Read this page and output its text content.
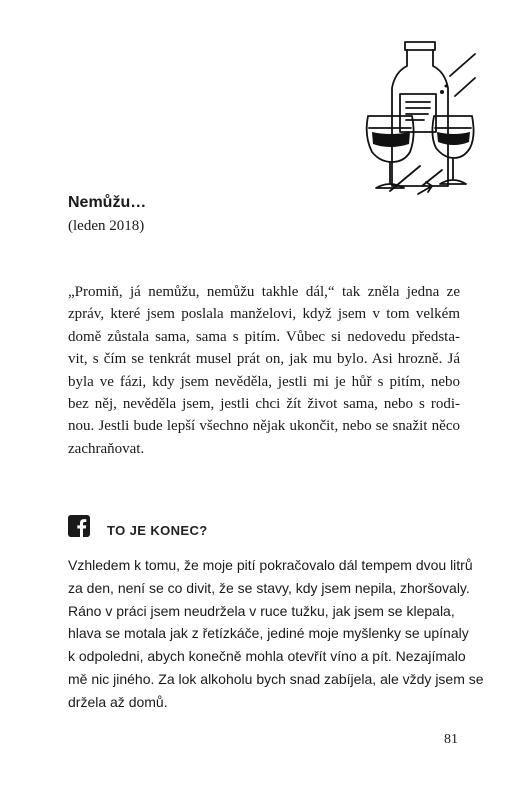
Nemůžu…
(leden 2018)

„Promiň, já nemůžu, nemůžu takhle dál,“ tak zněla jedna ze
zpráv, které jsem poslala manželovi, když jsem v tom velkém
domě zůstala sama, sama s pitím. Vůbec si nedovedu předsta-
vit, s čím se tenkrát musel prát on, jak mu bylo. Asi hrozně. Já
byla ve fázi, kdy jsem nevěděla, jestli mi je hůř s pitím, nebo
bez něj, nevěděla jsem, jestli chci žít život sama, nebo s rodi-
nou. Jestli bude lepší všechno nějak ukončit, nebo se snažit něco
zachraňovat.

TO JE KONEC?

Vzhledem k tomu, že moje pití pokračovalo dál tempem dvou litrů
za den, není se co divit, že se stavy, kdy jsem nepila, zhoršovaly.
Ráno v práci jsem neudržela v ruce tužku, jak jsem se klepala,
hlava se motala jak z řetízkáče, jediné moje myšlenky se upínaly
k odpoledni, abych konečně mohla otevřít víno a pít. Nezajímalo
mě nic jiného. Za lok alkoholu bych snad zabíjela, ale vždy jsem se
držela až domů.

81
